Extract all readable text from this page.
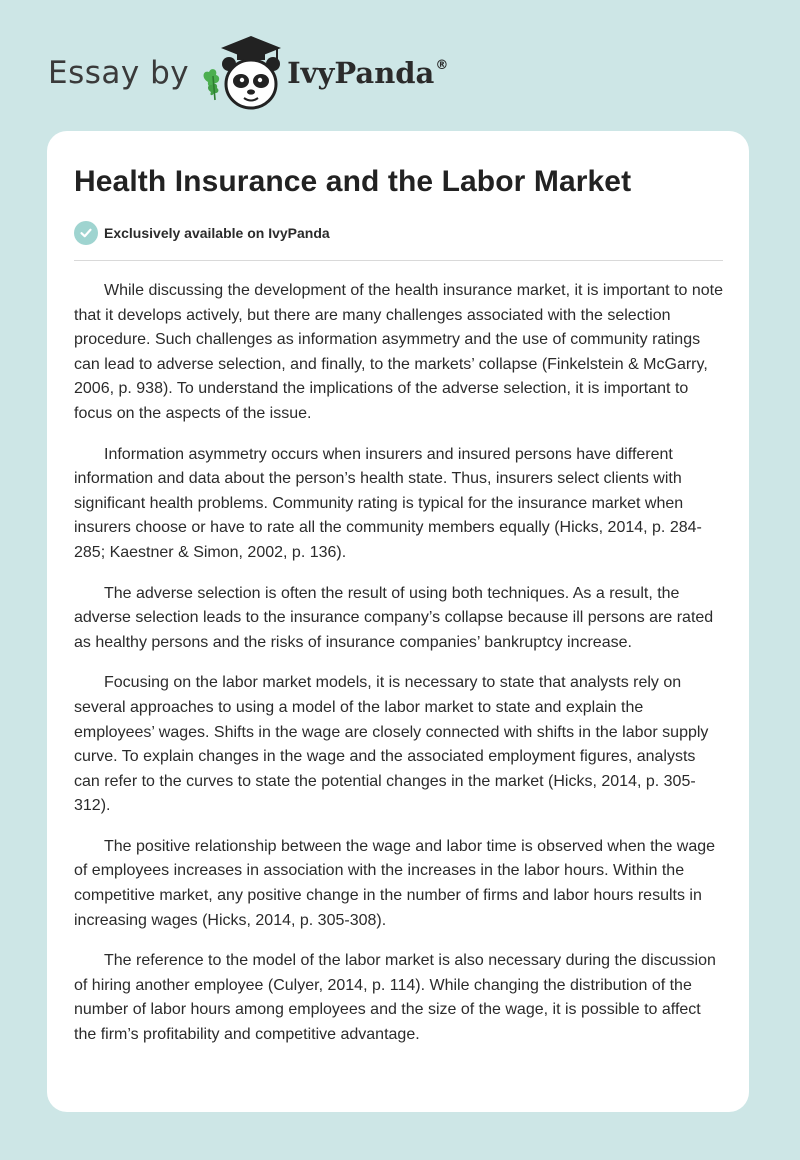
Essay by	IvyPanda®
Health Insurance and the Labor Market
Exclusively available on IvyPanda

While discussing the development of the health insurance market, it is important to note that it develops actively, but there are many challenges associated with the selection procedure. Such challenges as information asymmetry and the use of community ratings can lead to adverse selection, and finally, to the markets’ collapse (Finkelstein & McGarry, 2006, p. 938). To understand the implications of the adverse selection, it is important to focus on the aspects of the issue.

Information asymmetry occurs when insurers and insured persons have different information and data about the person’s health state. Thus, insurers select clients with significant health problems. Community rating is typical for the insurance market when insurers choose or have to rate all the community members equally (Hicks, 2014, p. 284-285; Kaestner & Simon, 2002, p. 136).

The adverse selection is often the result of using both techniques. As a result, the adverse selection leads to the insurance company’s collapse because ill persons are rated as healthy persons and the risks of insurance companies’ bankruptcy increase.

Focusing on the labor market models, it is necessary to state that analysts rely on several approaches to using a model of the labor market to state and explain the employees’ wages. Shifts in the wage are closely connected with shifts in the labor supply curve. To explain changes in the wage and the associated employment figures, analysts can refer to the curves to state the potential changes in the market (Hicks, 2014, p. 305-312).

The positive relationship between the wage and labor time is observed when the wage of employees increases in association with the increases in the labor hours. Within the competitive market, any positive change in the number of firms and labor hours results in increasing wages (Hicks, 2014, p. 305-308).

The reference to the model of the labor market is also necessary during the discussion of hiring another employee (Culyer, 2014, p. 114). While changing the distribution of the number of labor hours among employees and the size of the wage, it is possible to affect the firm’s profitability and competitive advantage.
